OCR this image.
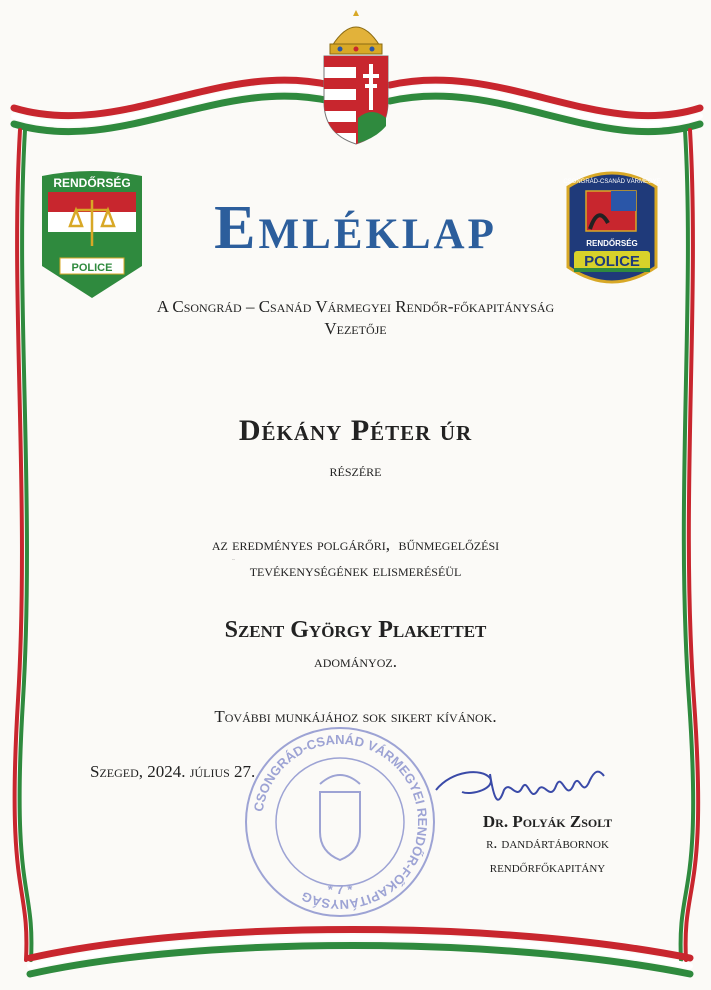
RENDŐRSÉG
POLICE
CSONGRÁD-CSANÁD VÁRMEGYE
RENDŐRSÉG
POLICE
CSONGRÁD-CSANÁD VÁRMEGYEI RENDŐR-FŐKAPITÁNYSÁG	* 7 *
Polyák
Emléklap
A Csongrád – Csanád Vármegyei Rendőr-főkapitányság
Vezetője
Dékány Péter úr
részére
az eredményes polgárőri,  bűnmegelőzési
tevékenységének elismeréséül
Szent György Plakettet
adományoz.
További munkájához sok sikert kívánok.
Szeged, 2024. július 27.
Dr. Polyák Zsolt
r. dandártábornok
rendőrfőkapitány
